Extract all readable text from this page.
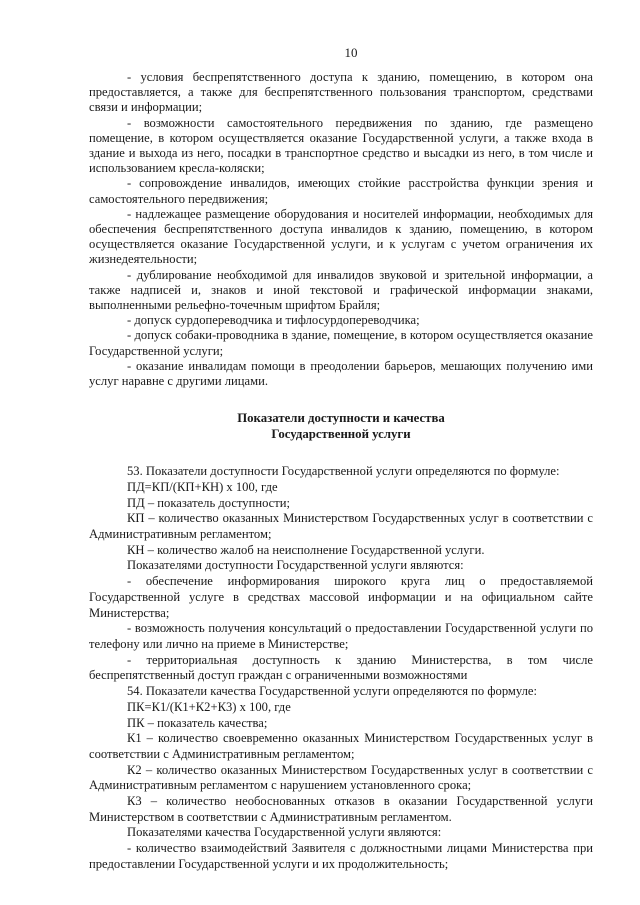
10

- условия беспрепятственного доступа к зданию, помещению, в котором она предоставляется, а также для беспрепятственного пользования транспортом, средствами связи и информации;

- возможности самостоятельного передвижения по зданию, где размещено помещение, в котором осуществляется оказание Государственной услуги, а также входа в здание и выхода из него, посадки в транспортное средство и высадки из него, в том числе и использованием кресла-коляски;

- сопровождение инвалидов, имеющих стойкие расстройства функции зрения и самостоятельного передвижения;

- надлежащее размещение оборудования и носителей информации, необходимых для обеспечения беспрепятственного доступа инвалидов к зданию, помещению, в котором осуществляется оказание Государственной услуги, и к услугам с учетом ограничения их жизнедеятельности;

- дублирование необходимой для инвалидов звуковой и зрительной информации, а также надписей и, знаков и иной текстовой и графической информации знаками, выполненными рельефно-точечным шрифтом Брайля;

- допуск сурдопереводчика и тифлосурдопереводчика;

- допуск собаки-проводника в здание, помещение, в котором осуществляется оказание Государственной услуги;

- оказание инвалидам помощи в преодолении барьеров, мешающих получению ими услуг наравне с другими лицами.

Показатели доступности и качества
Государственной услуги

53. Показатели доступности Государственной услуги определяются по формуле:

ПД=КП/(КП+КН) х 100, где

ПД – показатель доступности;

КП – количество оказанных Министерством Государственных услуг в соответствии с Административным регламентом;

КН – количество жалоб на неисполнение Государственной услуги.

Показателями доступности Государственной услуги являются:

- обеспечение информирования широкого круга лиц о предоставляемой Государственной услуге в средствах массовой информации и на официальном сайте Министерства;

- возможность получения консультаций о предоставлении Государственной услуги по телефону или лично на приеме в Министерстве;

- территориальная доступность к зданию Министерства, в том числе беспрепятственный доступ граждан с ограниченными возможностями

54. Показатели качества Государственной услуги определяются по формуле:

ПК=К1/(К1+К2+К3) х 100, где

ПК – показатель качества;

К1 – количество своевременно оказанных Министерством Государственных услуг в соответствии с Административным регламентом;

К2 – количество оказанных Министерством Государственных услуг в соответствии с Административным регламентом с нарушением установленного срока;

К3 – количество необоснованных отказов в оказании Государственной услуги Министерством в соответствии с Административным регламентом.

Показателями качества Государственной услуги являются:

- количество взаимодействий Заявителя с должностными лицами Министерства при предоставлении Государственной услуги и их продолжительность;
